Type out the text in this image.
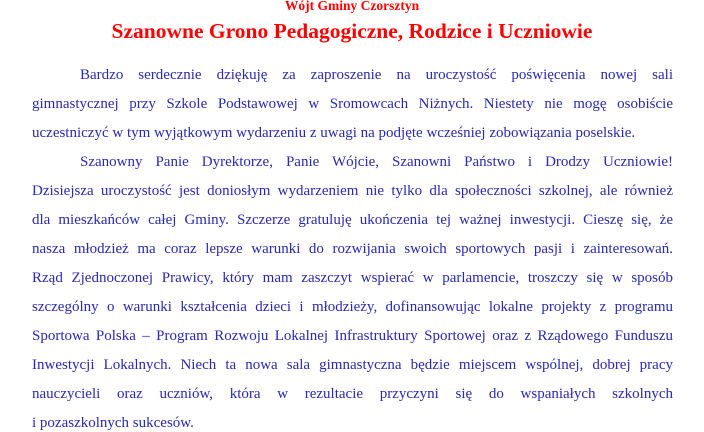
Wójt Gminy Czorsztyn
Szanowne Grono Pedagogiczne, Rodzice i Uczniowie
Bardzo serdecznie dziękuję za zaproszenie na uroczystość poświęcenia nowej sali
gimnastycznej przy Szkole Podstawowej w Sromowcach Niżnych. Niestety nie mogę osobiście
uczestniczyć w tym wyjątkowym wydarzeniu z uwagi na podjęte wcześniej zobowiązania poselskie.
Szanowny Panie Dyrektorze, Panie Wójcie, Szanowni Państwo i Drodzy Uczniowie!
Dzisiejsza uroczystość jest doniosłym wydarzeniem nie tylko dla społeczności szkolnej, ale również
dla mieszkańców całej Gminy. Szczerze gratuluję ukończenia tej ważnej inwestycji. Cieszę się, że
nasza młodzież ma coraz lepsze warunki do rozwijania swoich sportowych pasji i zainteresowań.
Rząd Zjednoczonej Prawicy, który mam zaszczyt wspierać w parlamencie, troszczy się w sposób
szczególny o warunki kształcenia dzieci i młodzieży, dofinansowując lokalne projekty z programu
Sportowa Polska – Program Rozwoju Lokalnej Infrastruktury Sportowej oraz z Rządowego Funduszu
Inwestycji Lokalnych. Niech ta nowa sala gimnastyczna będzie miejscem wspólnej, dobrej pracy
nauczycieli oraz uczniów, która w rezultacie przyczyni się do wspaniałych szkolnych
i pozaszkolnych sukcesów.
